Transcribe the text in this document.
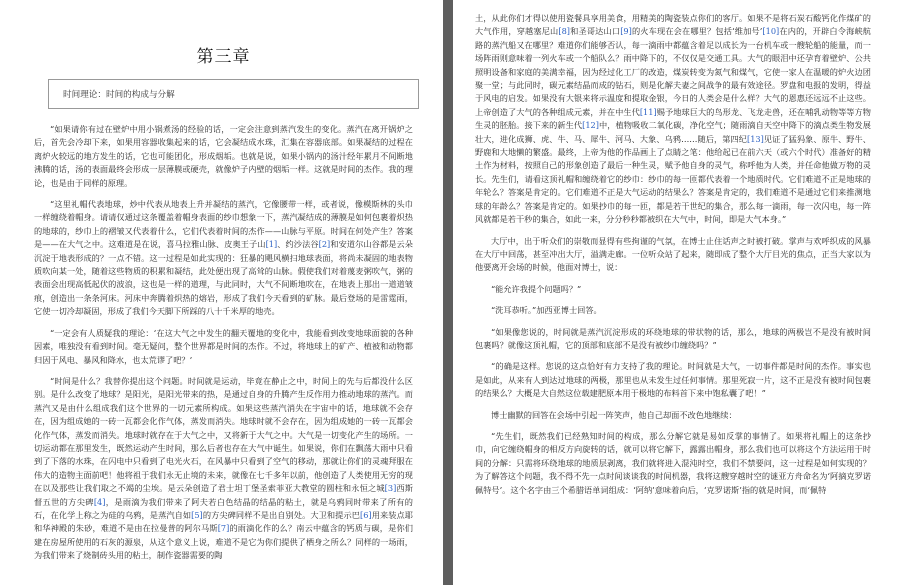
第三章
时间理论：时间的构成与分解

“如果请你有过在壁炉中用小锅煮汤的经验的话，一定会注意到蒸汽发生的变化。蒸汽在离开锅炉之后，首先会冷却下来，如果用容器收集起来的话，它会凝结成水珠，汇集在容器底部。如果凝结的过程在离炉火较远的地方发生的话，它也可能团化，形成烟垢。也就是说，如果小锅内的汤汁经年累月不间断地沸腾的话，汤的表面最终会形成一层薄膜或硬壳，就像炉子内壁的烟垢一样。这就是时间的杰作。我的理论，也是由于同样的原理。

“这里礼帽代表地球，炒中代表从地表上升并凝结的蒸汽，它像腰带一样，或者说，像模斯林的头巾一样缠绕着帽身。请请仅通过这条覆盖着帽身表面的纱巾想象一下，蒸汽凝结成的薄膜是如何包裹着炽热的地球的，纱巾上的褶皱又代表着什么，它们代表着时间的杰作——山脉与平原。时间在何处产生？答案是——在大气之中。这难道是在说，喜马拉雅山脉、皮奥王子山[1]、约沙法谷[2]和安道尔山谷都是云朵沉淀于地表形成的？一点不错。这一过程是如此实现的：狂暴的飓风横扫地球表面，将尚未凝固的地表物质吹向某一处，随着这些物质的积累和凝结，此处便出现了高耸的山脉。假使我们对着蔑麦粥吹气，粥的表面会出现高低起伏的波浪，这也是一样的道理，与此同时，大气不间断地吹在，在地表上那出一道道皱痕，创造出一条条河床。河床中奔腾着炽热的熔岩，形成了我们今天看到的矿脉。最后登场的是雷霆雨，它使一切冷却凝固，形成了我们今天脚下所踩的八十千米厚的地壳。

“一定会有人质疑我的理论：‘在这大气之中发生的翻天覆地的变化中，我能看到改变地球面貌的各种因素，唯独没有看到时间。毫无疑问，整个世界都是时间的杰作。不过，将地球上的矿产、植被和动物都归因于风电、暴风和降水，也太荒谬了吧？’

“时间是什么？我替你提出这个问题。时间就是运动，毕竟在静止之中，时间上的先与后都没什么区别。是什么改变了地球？是阳光，是阳光带来的热，是通过自身的升腾产生反作用力推动地球的蒸汽。而蒸汽又是由什么组成我们这个世界的一切元素所构成。如果这些蒸汽消失在宇宙中的话，地球就不会存在，因为组成她的一砖一瓦都会化作气体，蒸发而消失。地球时就不会存在，因为组成她的一砖一瓦都会化作气体，蒸发而消失。地球时就存在于大气之中，又将新于大气之中。大气是一切变化产生的场所。一切运动都在那里发生，既然运动产生时间，那么后者也存在大气中诞生。如果说，你们在飘荡大雨中只看到了下落的水珠，在闪电中只看到了电光火石，在风暴中只看到了空气的移动，那就让你们的灵魂拜服在伟大的造物主面前吧！他将祖于我们永无止境的未来，就像在七千多年以前，他创造了人类使用无穷的现在以及那些让我们取之不竭的尘埃。是云朵创造了君士坦丁堡圣索菲亚大教堂的圆柱和永恒之城[3]西斯督五世的方尖碑[4]，是雨滴为我们带来了阿夫若白色结晶的结晶的粘土，就是乌鸦同时带来了所有的石，在化学上称之为硅的乌鸦，是蒸汽自如[5]的方尖碑同样不是出自别处。大卫和提示巴[6]用来装点耶和华神殿的朱砂，难道不是由在拉曼普的阿尔马斯[7]的雨滴化作的么？南云中蕴含的钙质与碳，是你们建在房屋所使用的石灰的源泉，从这个意义上说，难道不是它为你们提供了栖身之所么？同样的一场雨，为我们带来了烧制砖头用的粘土，制作瓷器需要的陶

土，从此你们才得以使用瓷餐具享用美食，用精美的陶瓷装点你们的客厅。如果不是将石炭石酸钙化作煤矿的大气作用，穿越塞尼山[8]和圣哥达山口[9]的火车现在会在哪里？包括‘维加号’[10]在内的，开辟白令海峡航路的蒸汽船又在哪里？难道你们能够否认，每一滴雨中都蕴含着足以成长为一台机车或一艘轮船的能量，而一场阵雨则意味着一列火车或一个船队么？雨中降下的，不仅仅是交通工具。大气的眼泪中还孕育着壁炉、公共照明设备和家庭的美满幸福，因为经过化工厂的改造，煤炭转变为氮气和煤气，它使一家人在温暖的炉火边团聚一堂；与此同时，碳元素结晶而成的钻石，则是化解夫妻之间战争的最有效途径。罗盘和电报的发明，得益于风电的启发。如果没有大银来将示温度和提取金银，今日的人类会是什么样？大气的恩惠还远远不止这些。上帝创造了大气的各种组成元素，并在中生代[11]赐予地球巨大的鸟形龙、飞龙走兽，还在哺乳动物等等方物生灵的胚胎。接下来的新生代[12]中，植物吸收二氧化碳，净化空气；随雨滴自天空中降下的滴点类生物发展壮大，进化成狮、虎、牛、马、犀牛、河马、大象、乌鸦……随后，第四纪[13]见证了猛犸象、原牛、野牛、野鹿和大地懒的繁盛。最终，上帝为他的作品画上了点睛之笔：他给起已在前六天（或六个时代）准备好的精土作为材料，按照自己的形象创造了最后一种生灵，赋予他自身的灵气，称呼他为人类，并任命他做万物的灵长。先生们，请看这顶礼帽和缠绕着它的纱巾：纱巾的每一匝都代表着一个地质时代。它们难道不正是地球的年轮么？答案是肯定的。它们难道不正是大气运动的结果么？答案是肯定的，我们难道不是通过它们来推测地球的年龄么？答案是肯定的。如果抄巾的每一匝，都是若干世纪的集合，那么每一滴雨，每一次闪电，每一阵风就都是若干秒的集合，如此一来，分分秒秒都被织在大气中，时间，即是大气本身。”

大厅中，出于听众们的崇敬而显得有些拘谨的气氛，在博士止住话声之时被打破。掌声与欢呼织成的风暴在大厅中回荡，甚至冲出大厅，溢满走廊。一位听众站了起来，随即成了整个大厅目光的焦点，正当大家以为他要离开会场的时候，他面对博士，说：

“能允许我提个问题吗？”

“洗耳恭听。”加西亚博士回答。

“如果像您说的，时间就是蒸汽沉淀形成的环绕地球的带状物的话，那么，地球的两极岂不是没有被时间包裹吗？就像这顶礼帽，它的顶部和底部不是没有被纱巾缠绕吗？”

“的确是这样。您说的这点恰好有力支持了我的理论。时间就是大气，一切事件都是时间的杰作。事实也是如此，从来有人到达过地球的两极，那里也从未发生过任何事情。那里死寂一片，这不正是没有被时间包裹的结果么？大概是大自然这位载建肥原本用于极地的布料首下来中饱私囊了吧！”

博士幽默的回答在会场中引起一阵笑声，他自己却面不改色地继续：

“先生们，既然我们已经熟知时间的构成，那么分解它就是易如反掌的事情了。如果将礼帽上的这条抄巾，向它缠绕帽身的相反方向旋转的话，就可以将它解下，露露出帽身，那么我们也可以将这个方法运用于时间的分解：只需将环绕地球的地质层剥离，我们就将进入混沌时空，我们不禁要问，这一过程是如何实现的？为了解答这个问题，我不得不先一点时间谈谈我的时间机器，我将这艘穿越时空的谜亚方舟命名为‘阿摘克罗诺佩特号’。这个名字由三个希腊语单词组成：‘阿纳’意味着向后，‘克罗诺斯’指的就是时间，而‘佩特
